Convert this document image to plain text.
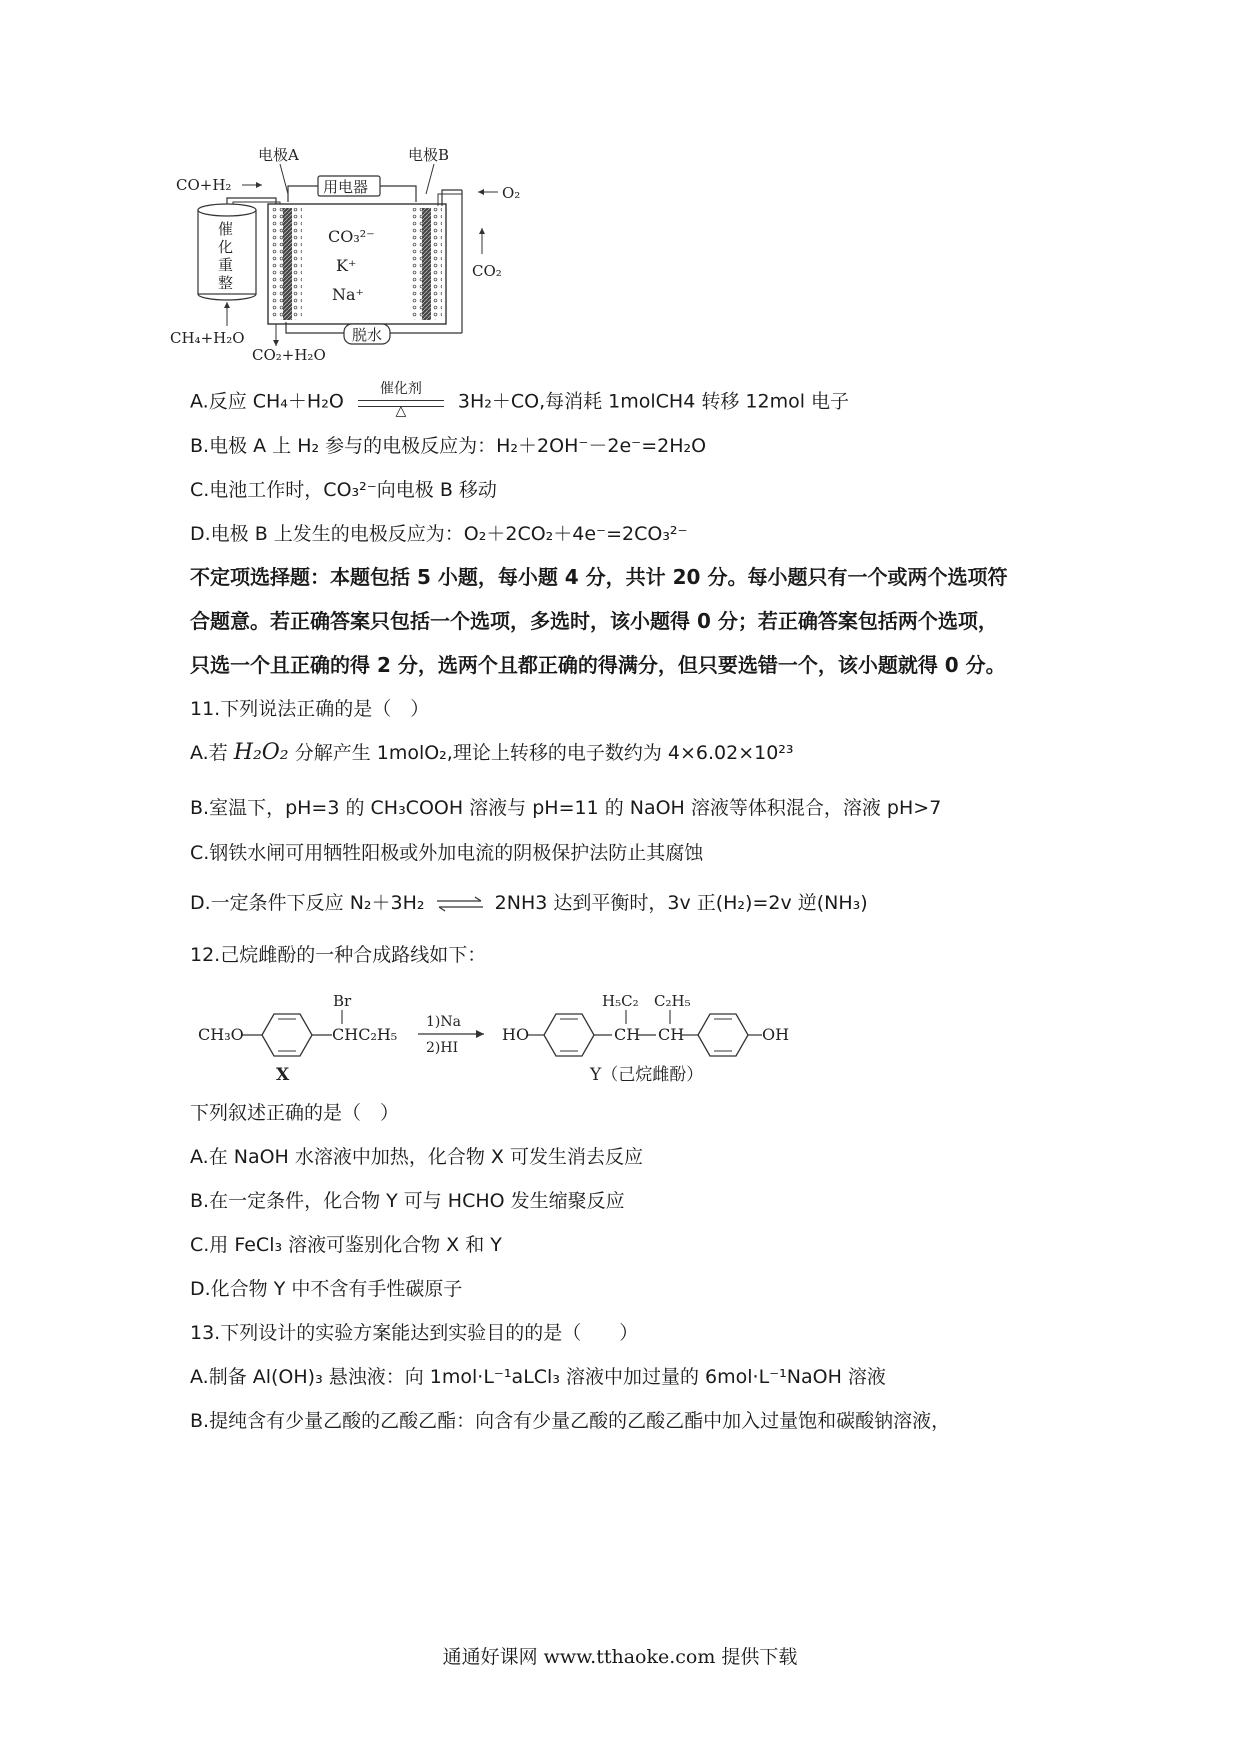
电极A	电极B
用电器
CO+H₂
催
化
重
整
CH₄+H₂O
CO₃²⁻
K⁺
Na⁺
O₂
CO₂
CO₂+H₂O
脱水
A.反应 CH₄＋H₂O
催化剂
△	3H₂＋CO,每消耗 1molCH4 转移 12mol 电子
B.电极 A 上 H₂ 参与的电极反应为：H₂＋2OH⁻－2e⁻=2H₂O
C.电池工作时，CO₃²⁻向电极 B 移动
D.电极 B 上发生的电极反应为：O₂＋2CO₂＋4e⁻=2CO₃²⁻
不定项选择题：本题包括 5 小题，每小题 4 分，共计 20 分。每小题只有一个或两个选项符
合题意。若正确答案只包括一个选项，多选时，该小题得 0 分；若正确答案包括两个选项，
只选一个且正确的得 2 分，选两个且都正确的得满分，但只要选错一个，该小题就得 0 分。
11.下列说法正确的是（　）
A.若 H₂O₂ 分解产生 1molO₂,理论上转移的电子数约为 4×6.02×10²³
B.室温下，pH=3 的 CH₃COOH 溶液与 pH=11 的 NaOH 溶液等体积混合，溶液 pH>7
C.钢铁水闸可用牺牲阳极或外加电流的阴极保护法防止其腐蚀
D.一定条件下反应 N₂＋3H₂ ⇌ 2NH3 达到平衡时，3v 正(H₂)=2v 逆(NH₃)
12.己烷雌酚的一种合成路线如下：
CH₃O
Br
CHC₂H₅
X
1)Na
2)HI
HO
H₅C₂
CH
C₂H₅
CH	OH
Y（己烷雌酚）
下列叙述正确的是（　）
A.在 NaOH 水溶液中加热，化合物 X 可发生消去反应
B.在一定条件，化合物 Y 可与 HCHO 发生缩聚反应
C.用 FeCl₃ 溶液可鉴别化合物 X 和 Y
D.化合物 Y 中不含有手性碳原子
13.下列设计的实验方案能达到实验目的的是（　　）
A.制备 Al(OH)₃ 悬浊液：向 1mol·L⁻¹aLCl₃ 溶液中加过量的 6mol·L⁻¹NaOH 溶液
B.提纯含有少量乙酸的乙酸乙酯：向含有少量乙酸的乙酸乙酯中加入过量饱和碳酸钠溶液，
通通好课网 www.tthaoke.com 提供下载
